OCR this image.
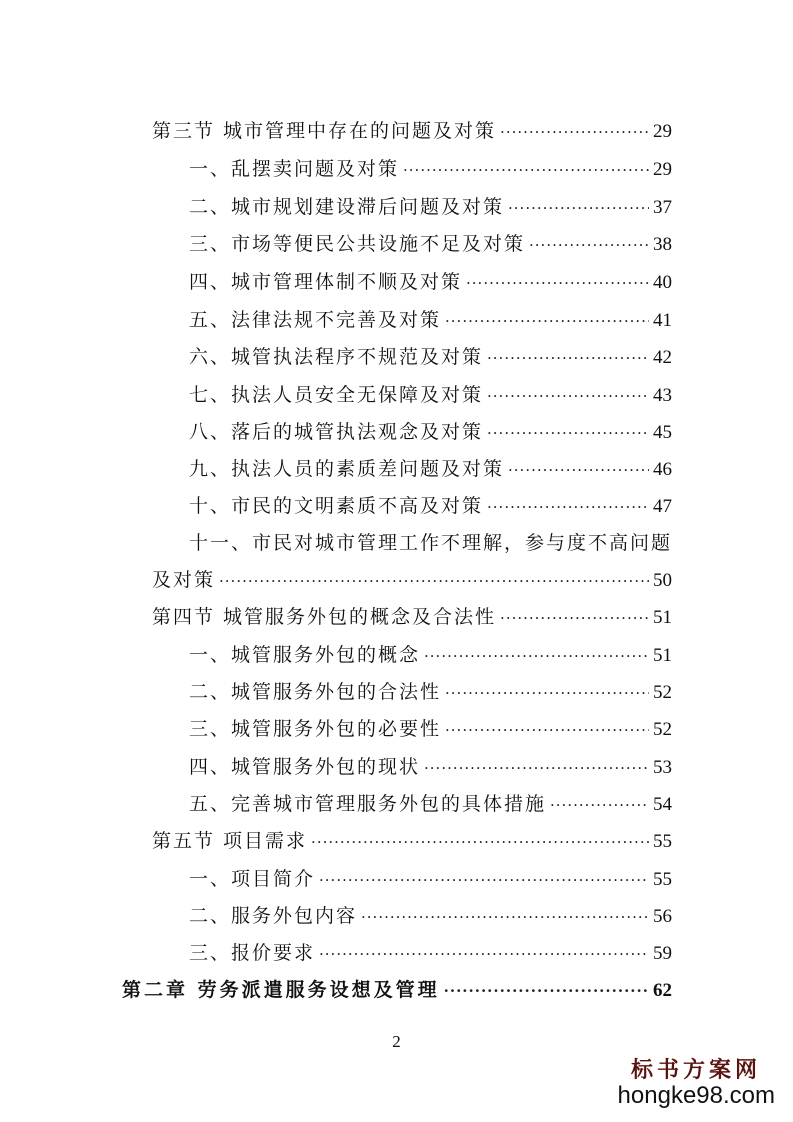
第三节 城市管理中存在的问题及对策 ·····	29
一、乱摆卖问题及对策 ·····	29
二、城市规划建设滞后问题及对策 ·····	37
三、市场等便民公共设施不足及对策 ·····	38
四、城市管理体制不顺及对策 ·····	40
五、法律法规不完善及对策 ·····	41
六、城管执法程序不规范及对策 ·····	42
七、执法人员安全无保障及对策 ·····	43
八、落后的城管执法观念及对策 ·····	45
九、执法人员的素质差问题及对策 ·····	46
十、市民的文明素质不高及对策 ·····	47
十一、市民对城市管理工作不理解，参与度不高问题
及对策 ·····	50
第四节 城管服务外包的概念及合法性 ·····	51
一、城管服务外包的概念 ·····	51
二、城管服务外包的合法性 ·····	52
三、城管服务外包的必要性 ·····	52
四、城管服务外包的现状 ·····	53
五、完善城市管理服务外包的具体措施 ·····	54
第五节 项目需求 ·····	55
一、项目简介 ·····	55
二、服务外包内容 ·····	56
三、报价要求 ·····	59
第二章 劳务派遣服务设想及管理 ·····	62
2
标书方案网
hongke98.com
